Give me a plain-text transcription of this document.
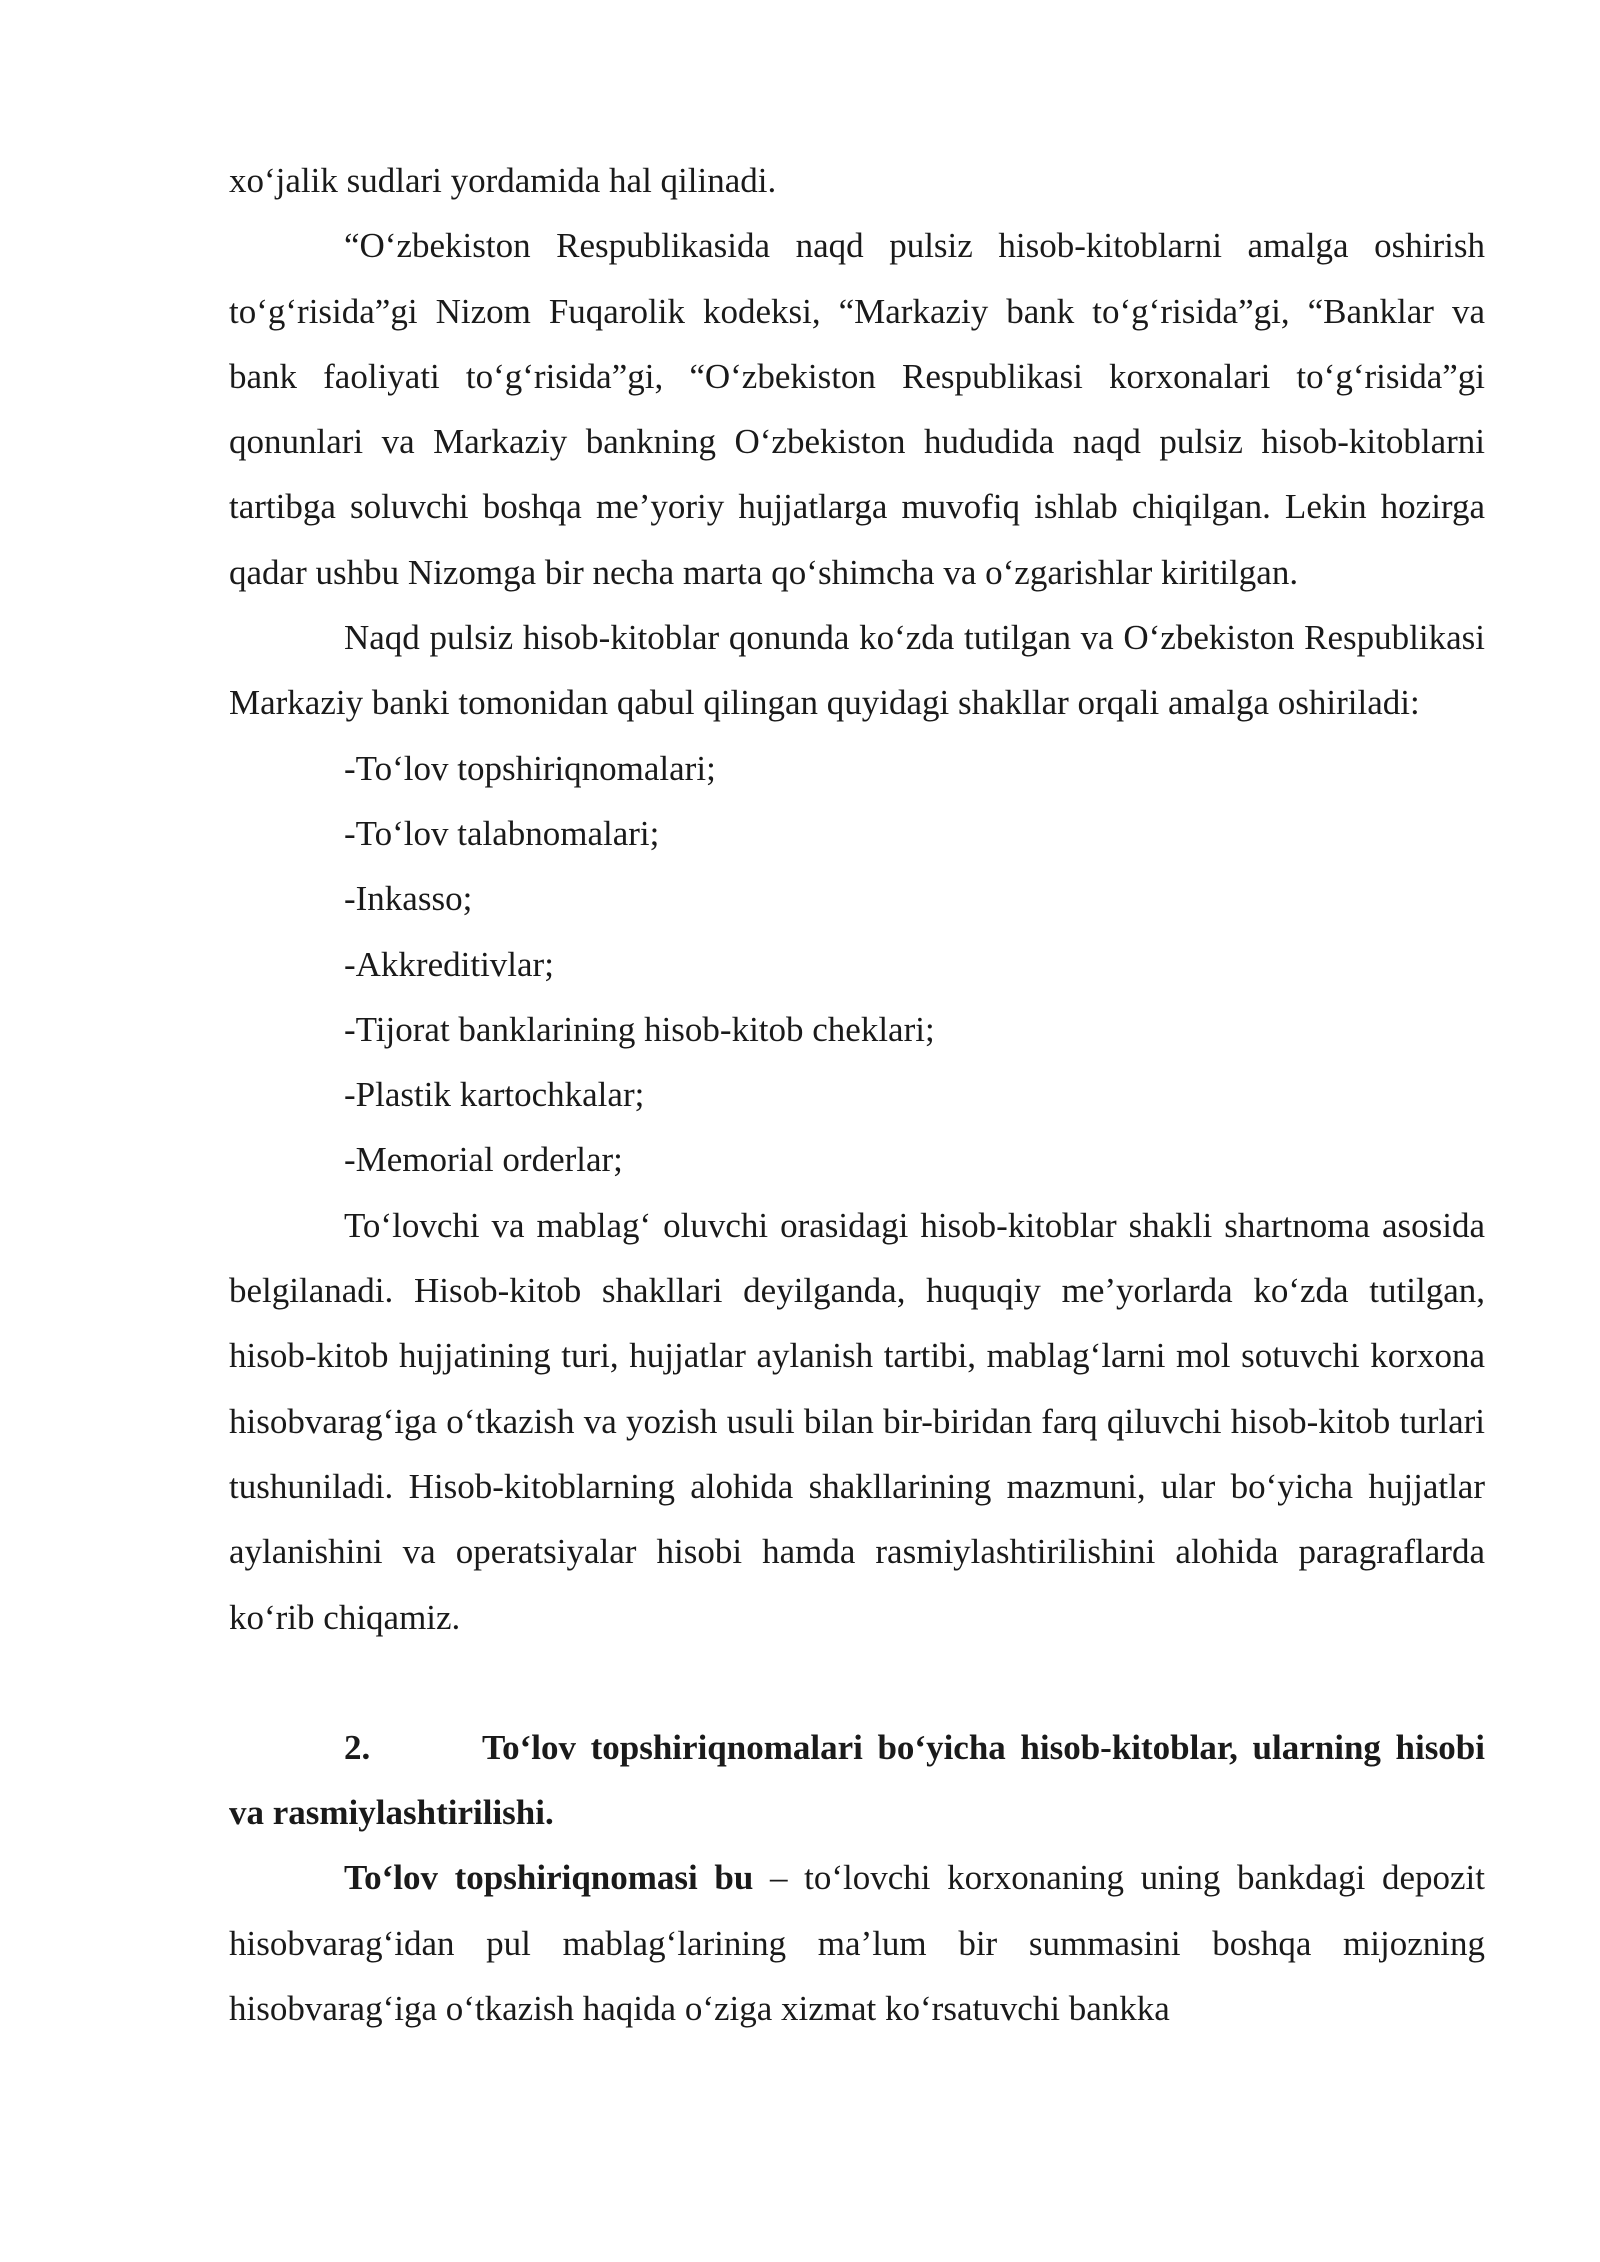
xo‘jalik sudlari yordamida hal qilinadi.

“O‘zbekiston Respublikasida naqd pulsiz hisob-kitoblarni amalga oshirish to‘g‘risida”gi Nizom Fuqarolik kodeksi, “Markaziy bank to‘g‘risida”gi, “Banklar va bank faoliyati to‘g‘risida”gi, “O‘zbekiston Respublikasi korxonalari to‘g‘risida”gi qonunlari va Markaziy bankning O‘zbekiston hududida naqd pulsiz hisob-kitoblarni tartibga soluvchi boshqa me’yoriy hujjatlarga muvofiq ishlab chiqilgan. Lekin hozirga qadar ushbu Nizomga bir necha marta qo‘shimcha va o‘zgarishlar kiritilgan.

Naqd pulsiz hisob-kitoblar qonunda ko‘zda tutilgan va O‘zbekiston Respublikasi Markaziy banki tomonidan qabul qilingan quyidagi shakllar orqali amalga oshiriladi:

-To‘lov topshiriqnomalari;

-To‘lov talabnomalari;

-Inkasso;

-Akkreditivlar;

-Tijorat banklarining hisob-kitob cheklari;

-Plastik kartochkalar;

-Memorial orderlar;

To‘lovchi va mablag‘ oluvchi orasidagi hisob-kitoblar shakli shartnoma asosida belgilanadi. Hisob-kitob shakllari deyilganda, huquqiy me’yorlarda ko‘zda tutilgan, hisob-kitob hujjatining turi, hujjatlar aylanish tartibi, mablag‘larni mol sotuvchi korxona hisobvarag‘iga o‘tkazish va yozish usuli bilan bir-biridan farq qiluvchi hisob-kitob turlari tushuniladi. Hisob-kitoblarning alohida shakllarining mazmuni, ular bo‘yicha hujjatlar aylanishini va operatsiyalar hisobi hamda rasmiylashtirilishini alohida paragraflarda ko‘rib chiqamiz.

2.	To‘lov topshiriqnomalari bo‘yicha hisob-kitoblar, ularning hisobi va rasmiylashtirilishi.

To‘lov topshiriqnomasi bu – to‘lovchi korxonaning uning bankdagi depozit hisobvarag‘idan pul mablag‘larining ma’lum bir summasini boshqa mijozning hisobvarag‘iga o‘tkazish haqida o‘ziga xizmat ko‘rsatuvchi bankka
